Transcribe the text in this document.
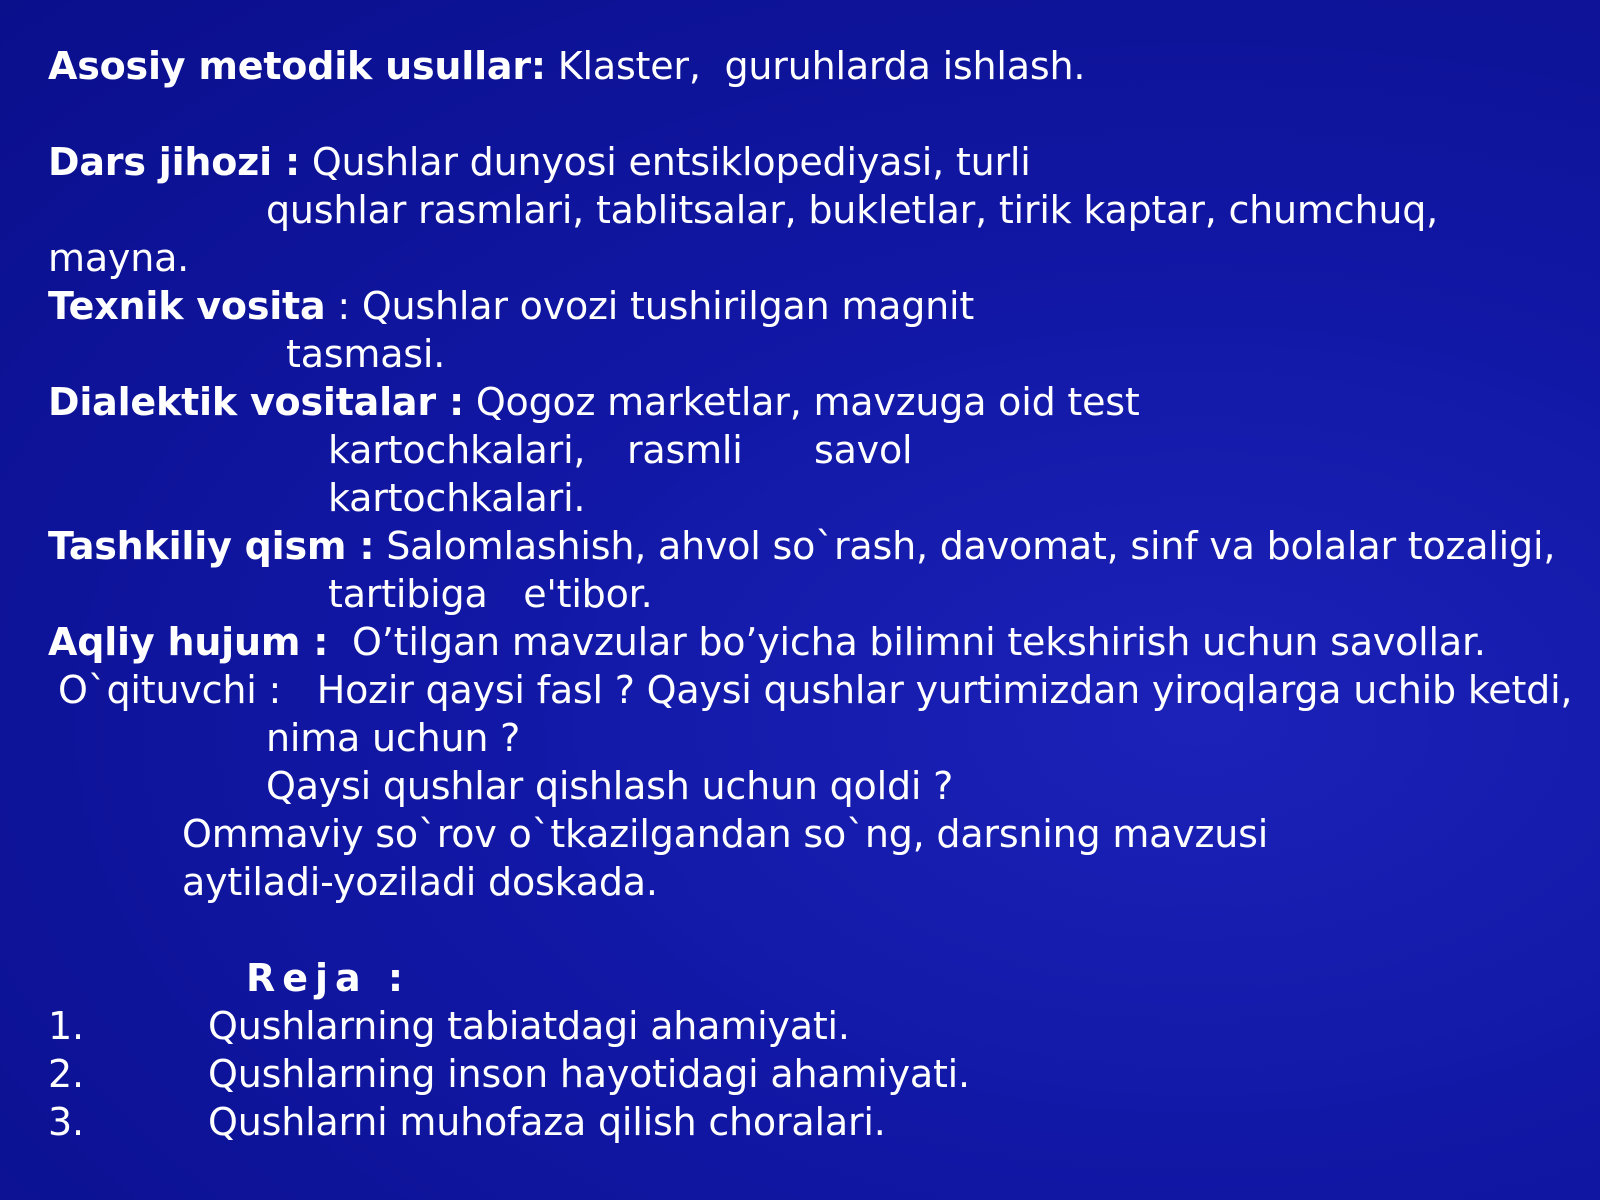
Asosiy metodik usullar: Klaster,  guruhlarda ishlash.
Dars jihozi : Qushlar dunyosi entsiklopediyasi, turli
qushlar rasmlari, tablitsalar, bukletlar, tirik kaptar, chumchuq,
mayna.
Texnik vosita : Qushlar ovozi tushirilgan magnit
tasmasi.
Dialektik vositalar : Qogoz marketlar, mavzuga oid test
kartochkalari, rasmli savol
kartochkalari.
Tashkiliy qism : Salomlashish, ahvol so`rash, davomat, sinf va bolalar tozaligi,
tartibiga   e'tibor.
Aqliy hujum :  O’tilgan mavzular bo’yicha bilimni tekshirish uchun savollar.
O`qituvchi :   Hozir qaysi fasl ? Qaysi qushlar yurtimizdan yiroqlarga uchib ketdi,
nima uchun ?
Qaysi qushlar qishlash uchun qoldi ?
Ommaviy so`rov o`tkazilgandan so`ng, darsning mavzusi
aytiladi-yoziladi doskada.
Reja :
1.	Qushlarning tabiatdagi ahamiyati.
2.	Qushlarning inson hayotidagi ahamiyati.
3.	Qushlarni muhofaza qilish choralari.
